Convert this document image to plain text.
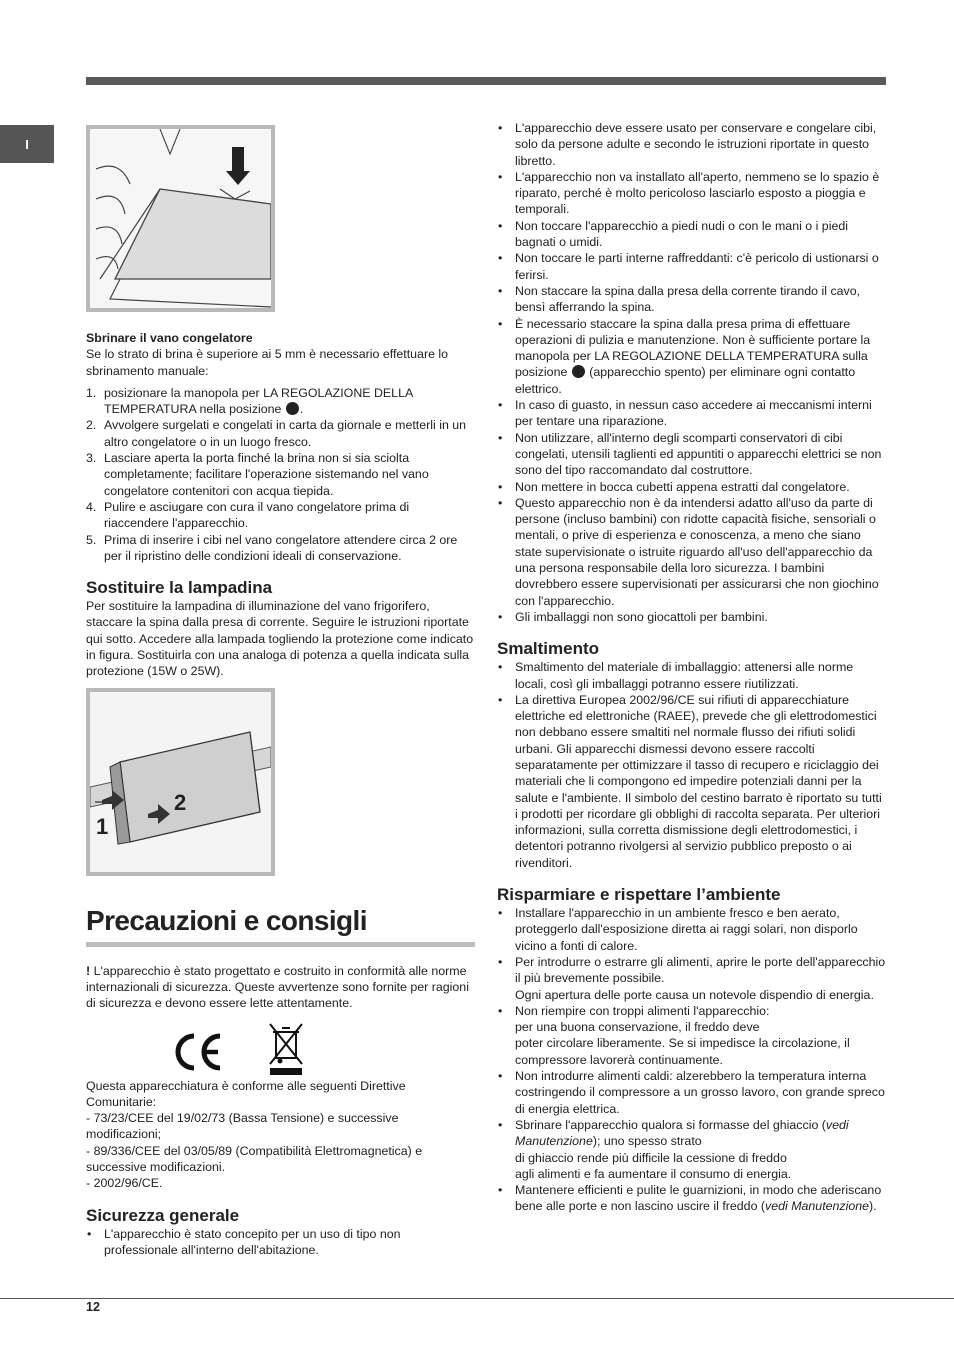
I

Sbrinare il vano congelatore

Se lo strato di brina è superiore ai 5 mm è necessario effettuare lo sbrinamento manuale:

1. posizionare la manopola per LA REGOLAZIONE DELLA TEMPERATURA nella posizione .
2. Avvolgere surgelati e congelati in carta da giornale e metterli in un altro congelatore o in un luogo fresco.
3. Lasciare aperta la porta finché la brina non si sia sciolta completamente; facilitare l'operazione sistemando nel vano congelatore contenitori con acqua tiepida.
4. Pulire e asciugare con cura il vano congelatore prima di riaccendere l'apparecchio.
5. Prima di inserire i cibi nel vano congelatore attendere circa 2 ore per il ripristino delle condizioni ideali di conservazione.
Sostituire la lampadina

Per sostituire la lampadina di illuminazione del vano frigorifero, staccare la spina dalla presa di corrente. Seguire le istruzioni riportate qui sotto. Accedere alla lampada togliendo la protezione come indicato in figura. Sostituirla con una analoga di potenza a quella indicata sulla protezione (15W o 25W).

1
2
Precauzioni e consigli

! L'apparecchio è stato progettato e costruito in conformità alle norme internazionali di sicurezza. Queste avvertenze sono fornite per ragioni di sicurezza e devono essere lette attentamente.

Questa apparecchiatura è conforme alle seguenti Direttive Comunitarie:

- 73/23/CEE del 19/02/73 (Bassa Tensione) e successive modificazioni;

- 89/336/CEE del 03/05/89 (Compatibilità Elettromagnetica) e successive modificazioni.

- 2002/96/CE.

Sicurezza generale
• L'apparecchio è stato concepito per un uso di tipo non professionale all'interno dell'abitazione.
• L'apparecchio deve essere usato per conservare e congelare cibi, solo da persone adulte e secondo le istruzioni riportate in questo libretto.
• L'apparecchio non va installato all'aperto, nemmeno se lo spazio è riparato, perché è molto pericoloso lasciarlo esposto a pioggia e temporali.
• Non toccare l'apparecchio a piedi nudi o con le mani o i piedi bagnati o umidi.
• Non toccare le parti interne raffreddanti: c'è pericolo di ustionarsi o ferirsi.
• Non staccare la spina dalla presa della corrente tirando il cavo, bensì afferrando la spina.
• È necessario staccare la spina dalla presa prima di effettuare operazioni di pulizia e manutenzione. Non è sufficiente portare la manopola per LA REGOLAZIONE DELLA TEMPERATURA sulla posizione  (apparecchio spento) per eliminare ogni contatto elettrico.
• In caso di guasto, in nessun caso accedere ai meccanismi interni per tentare una riparazione.
• Non utilizzare, all'interno degli scomparti conservatori di cibi congelati, utensili taglienti ed appuntiti o apparecchi elettrici se non sono del tipo raccomandato dal costruttore.
• Non mettere in bocca cubetti appena estratti dal congelatore.
• Questo apparecchio non è da intendersi adatto all'uso da parte di persone (incluso bambini) con ridotte capacità fisiche, sensoriali o mentali, o prive di esperienza e conoscenza, a meno che siano state supervisionate o istruite riguardo all'uso dell'apparecchio da una persona responsabile della loro sicurezza. I bambini dovrebbero essere supervisionati per assicurarsi che non giochino con l'apparecchio.
• Gli imballaggi non sono giocattoli per bambini.
Smaltimento
• Smaltimento del materiale di imballaggio: attenersi alle norme locali, così gli imballaggi potranno essere riutilizzati.
• La direttiva Europea 2002/96/CE sui rifiuti di apparecchiature elettriche ed elettroniche (RAEE), prevede che gli elettrodomestici non debbano essere smaltiti nel normale flusso dei rifiuti solidi urbani. Gli apparecchi dismessi devono essere raccolti separatamente per ottimizzare il tasso di recupero e riciclaggio dei materiali che li compongono ed impedire potenziali danni per la salute e l'ambiente. Il simbolo del cestino barrato è riportato su tutti i prodotti per ricordare gli obblighi di raccolta separata. Per ulteriori informazioni, sulla corretta dismissione degli elettrodomestici, i detentori potranno rivolgersi al servizio pubblico preposto o ai rivenditori.
Risparmiare e rispettare l’ambiente
• Installare l'apparecchio in un ambiente fresco e ben aerato, proteggerlo dall'esposizione diretta ai raggi solari, non disporlo vicino a fonti di calore.
• Per introdurre o estrarre gli alimenti, aprire le porte dell'apparecchio il più brevemente possibile.
Ogni apertura delle porte causa un notevole dispendio di energia.
• Non riempire con troppi alimenti l'apparecchio:
per una buona conservazione, il freddo deve
poter circolare liberamente. Se si impedisce la circolazione, il compressore lavorerà continuamente.
• Non introdurre alimenti caldi: alzerebbero la temperatura interna costringendo il compressore a un grosso lavoro, con grande spreco di energia elettrica.
• Sbrinare l'apparecchio qualora si formasse del ghiaccio (vedi Manutenzione); uno spesso strato
di ghiaccio rende più difficile la cessione di freddo
agli alimenti e fa aumentare il consumo di energia.
• Mantenere efficienti e pulite le guarnizioni, in modo che aderiscano bene alle porte e non lascino uscire il freddo (vedi Manutenzione).
12
